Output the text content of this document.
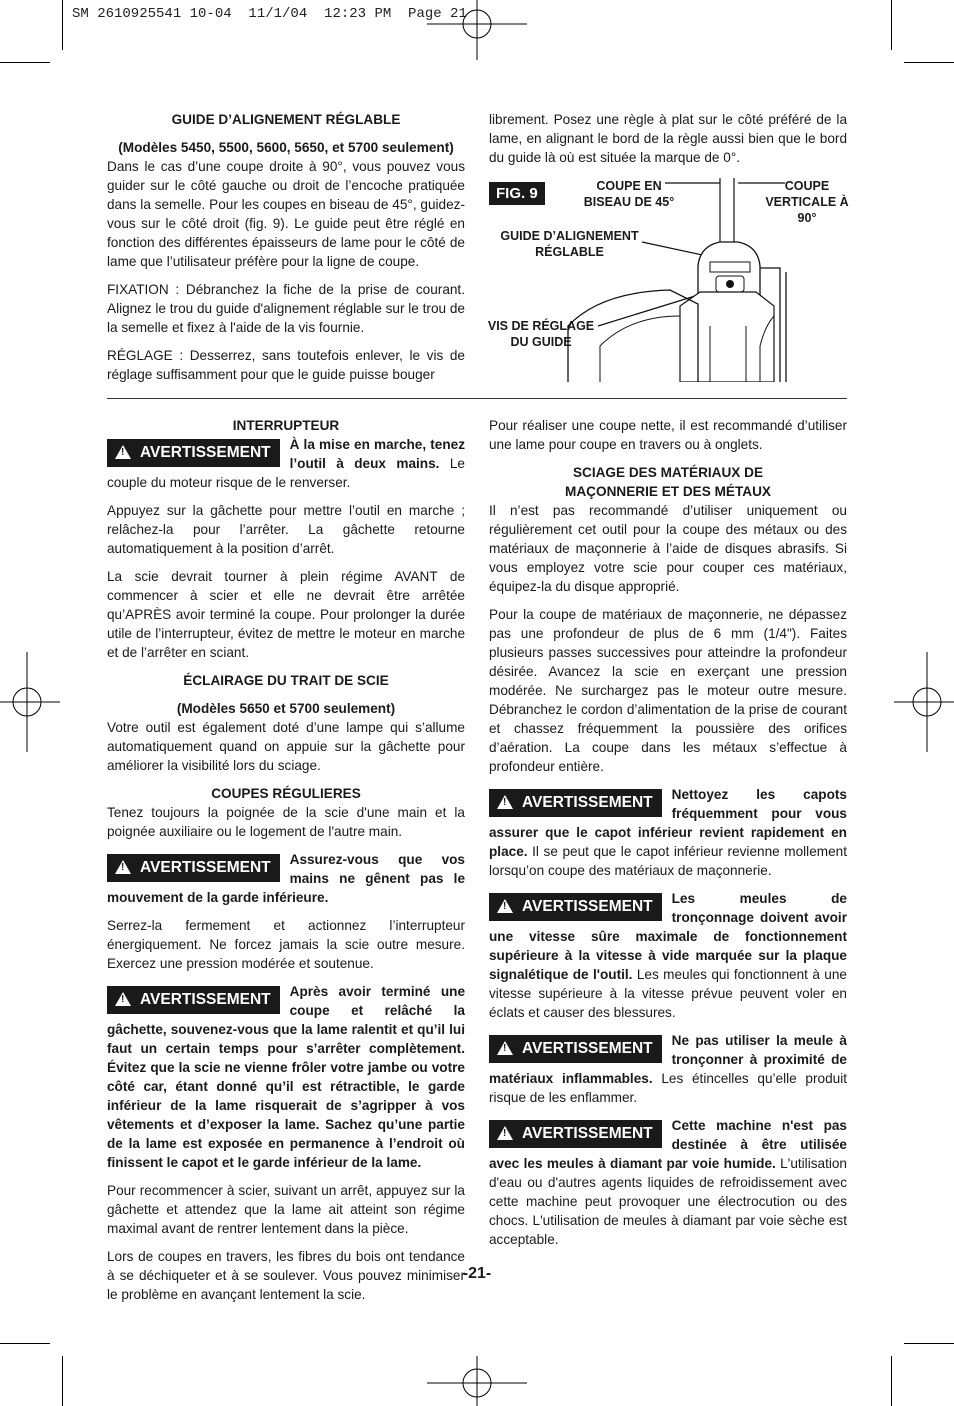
SM 2610925541 10-04  11/1/04  12:23 PM  Page 21

GUIDE D’ALIGNEMENT RÉGLABLE

(Modèles 5450, 5500, 5600, 5650, et 5700 seulement)

Dans le cas d’une coupe droite à 90°, vous pouvez vous guider sur le côté gauche ou droit de l’encoche pratiquée dans la semelle. Pour les coupes en biseau de 45°, guidez-vous sur le côté droit (fig. 9). Le guide peut être réglé en fonction des différentes épaisseurs de lame pour le côté de lame que l’utilisateur préfère pour la ligne de coupe.

FIXATION : Débranchez la fiche de la prise de courant. Alignez le trou du guide d'alignement réglable sur le trou de la semelle et fixez à l'aide de la vis fournie.

RÉGLAGE : Desserrez, sans toutefois enlever, le vis de réglage suffisamment pour que le guide puisse bouger

librement. Posez une règle à plat sur le côté préféré de la lame, en alignant le bord de la règle aussi bien que le bord du guide là où est située la marque de 0°.

FIG. 9	COUPE EN
BISEAU DE 45°
COUPE
VERTICALE À
90°
GUIDE D’ALIGNEMENT
RÉGLABLE
VIS DE RÉGLAGE
DU GUIDE

INTERRUPTEUR

! AVERTISSEMENT	À la mise en marche, tenez l’outil à deux mains. Le couple du moteur risque de le renverser.

Appuyez sur la gâchette pour mettre l’outil en marche ; relâchez-la pour l’arrêter. La gâchette retourne automatiquement à la position d’arrêt.

La scie devrait tourner à plein régime AVANT de commencer à scier et elle ne devrait être arrêtée qu’APRÈS avoir terminé la coupe. Pour prolonger la durée utile de l’interrupteur, évitez de mettre le moteur en marche et de l’arrêter en sciant.

ÉCLAIRAGE DU TRAIT DE SCIE

(Modèles 5650 et 5700 seulement)

Votre outil est également doté d’une lampe qui s’allume automatiquement quand on appuie sur la gâchette pour améliorer la visibilité lors du sciage.

COUPES RÉGULIERES

Tenez toujours la poignée de la scie d'une main et la poignée auxiliaire ou le logement de l'autre main.

! AVERTISSEMENT	Assurez-vous que vos mains ne gênent pas le mouvement de la garde inférieure.

Serrez-la fermement et actionnez l’interrupteur énergiquement. Ne forcez jamais la scie outre mesure. Exercez une pression modérée et soutenue.

! AVERTISSEMENT	Après avoir terminé une coupe et relâché la gâchette, souvenez-vous que la lame ralentit et qu’il lui faut un certain temps pour s’arrêter complètement. Évitez que la scie ne vienne frôler votre jambe ou votre côté car, étant donné qu’il est rétractible, le garde inférieur de la lame risquerait de s’agripper à vos vêtements et d’exposer la lame. Sachez qu’une partie de la lame est exposée en permanence à l’endroit où finissent le capot et le garde inférieur de la lame.

Pour recommencer à scier, suivant un arrêt, appuyez sur la gâchette et attendez que la lame ait atteint son régime maximal avant de rentrer lentement dans la pièce.

Lors de coupes en travers, les fibres du bois ont tendance à se déchiqueter et à se soulever. Vous pouvez minimiser le problème en avançant lentement la scie.

Pour réaliser une coupe nette, il est recommandé d’utiliser une lame pour coupe en travers ou à onglets.

SCIAGE DES MATÉRIAUX DE
MAÇONNERIE ET DES MÉTAUX

Il n’est pas recommandé d’utiliser uniquement ou régulièrement cet outil pour la coupe des métaux ou des matériaux de maçonnerie à l’aide de disques abrasifs. Si vous employez votre scie pour couper ces matériaux, équipez-la du disque approprié.

Pour la coupe de matériaux de maçonnerie, ne dépassez pas une profondeur de plus de 6 mm (1/4"). Faites plusieurs passes successives pour atteindre la profondeur désirée. Avancez la scie en exerçant une pression modérée. Ne surchargez pas le moteur outre mesure. Débranchez le cordon d’alimentation de la prise de courant et chassez fréquemment la poussière des orifices d’aération. La coupe dans les métaux s’effectue à profondeur entière.

! AVERTISSEMENT	Nettoyez les capots fréquemment pour vous assurer que le capot inférieur revient rapidement en place. Il se peut que le capot inférieur revienne mollement lorsqu’on coupe des matériaux de maçonnerie.

! AVERTISSEMENT	Les meules de tronçonnage doivent avoir une vitesse sûre maximale de fonctionnement supérieure à la vitesse à vide marquée sur la plaque signalétique de l'outil. Les meules qui fonctionnent à une vitesse supérieure à la vitesse prévue peuvent voler en éclats et causer des blessures.

! AVERTISSEMENT	Ne pas utiliser la meule à tronçonner à proximité de matériaux inflammables. Les étincelles qu’elle produit risque de les enflammer.

! AVERTISSEMENT	Cette machine n'est pas destinée à être utilisée avec les meules à diamant par voie humide. L'utilisation d'eau ou d'autres agents liquides de refroidissement avec cette machine peut provoquer une électrocution ou des chocs. L'utilisation de meules à diamant par voie sèche est acceptable.

-21-
